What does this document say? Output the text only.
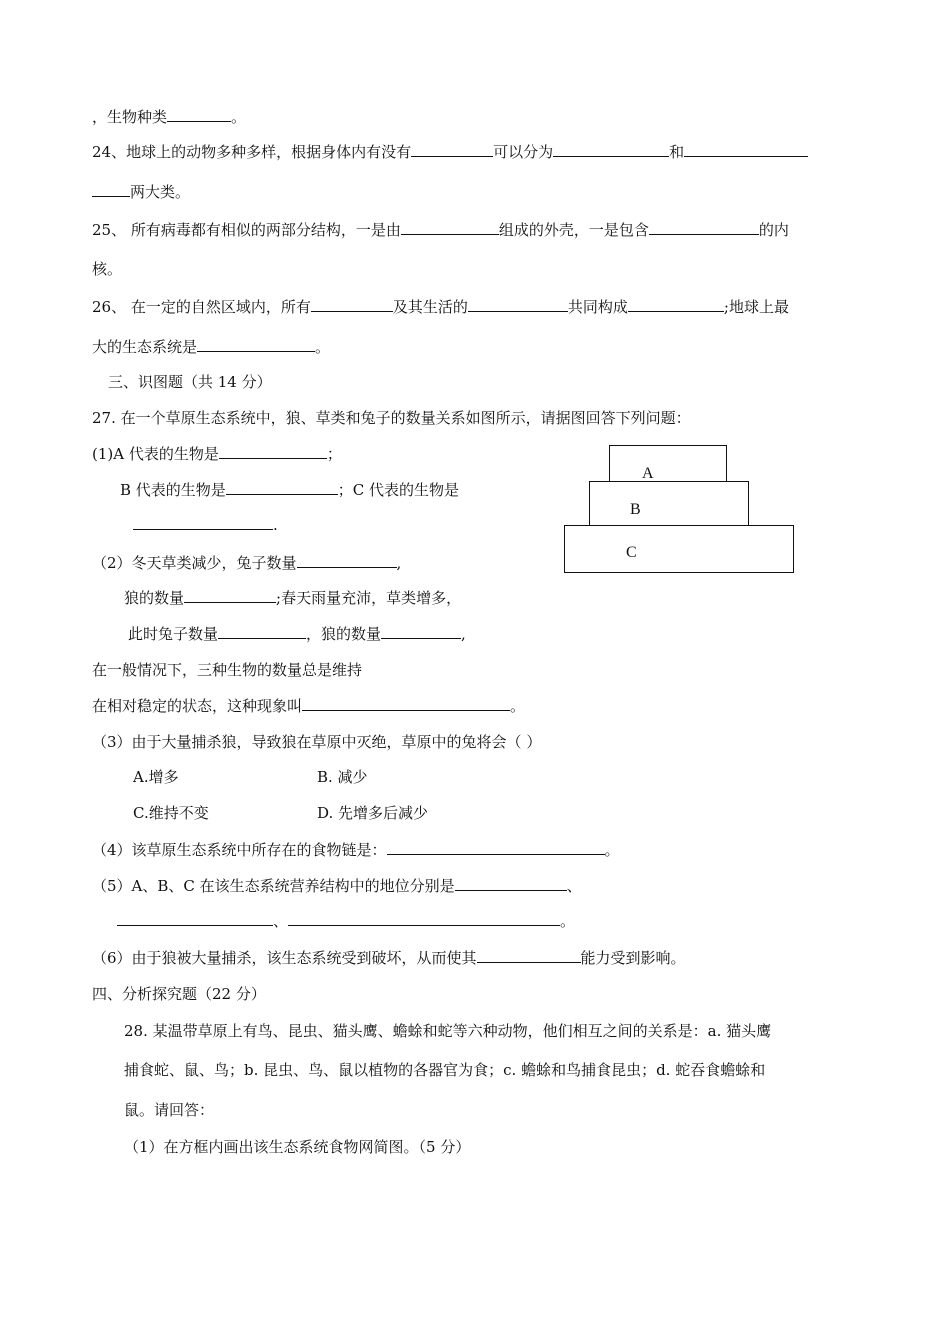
，生物种类	。
24、地球上的动物多种多样，根据身体内有没有	可以分为	和
两大类。
25、 所有病毒都有相似的两部分结构，一是由	组成的外壳，一是包含	的内
核。
26、 在一定的自然区域内，所有	及其生活的	共同构成	;地球上最
大的生态系统是	。
三、识图题（共 14 分）
27. 在一个草原生态系统中，狼、草类和兔子的数量关系如图所示，请据图回答下列问题：
(1)A 代表的生物是	；
B 代表的生物是	；C 代表的生物是
.
A
B
C
（2）冬天草类减少，兔子数量	,
狼的数量	;春天雨量充沛，草类增多，
此时兔子数量	，狼的数量	,
在一般情况下，三种生物的数量总是维持
在相对稳定的状态，这种现象叫	。
（3）由于大量捕杀狼，导致狼在草原中灭绝，草原中的兔将会（ ）
A.增多	B. 减少
C.维持不变	D. 先增多后减少
（4）该草原生态系统中所存在的食物链是：	。
（5）A、B、C 在该生态系统营养结构中的地位分别是	、
、	。
（6）由于狼被大量捕杀，该生态系统受到破坏，从而使其	能力受到影响。
四、分析探究题（22 分）
28. 某温带草原上有鸟、昆虫、猫头鹰、蟾蜍和蛇等六种动物，他们相互之间的关系是：a. 猫头鹰
捕食蛇、鼠、鸟；b. 昆虫、鸟、鼠以植物的各器官为食；c. 蟾蜍和鸟捕食昆虫；d. 蛇吞食蟾蜍和
鼠。请回答：
（1）在方框内画出该生态系统食物网简图。（5 分）
